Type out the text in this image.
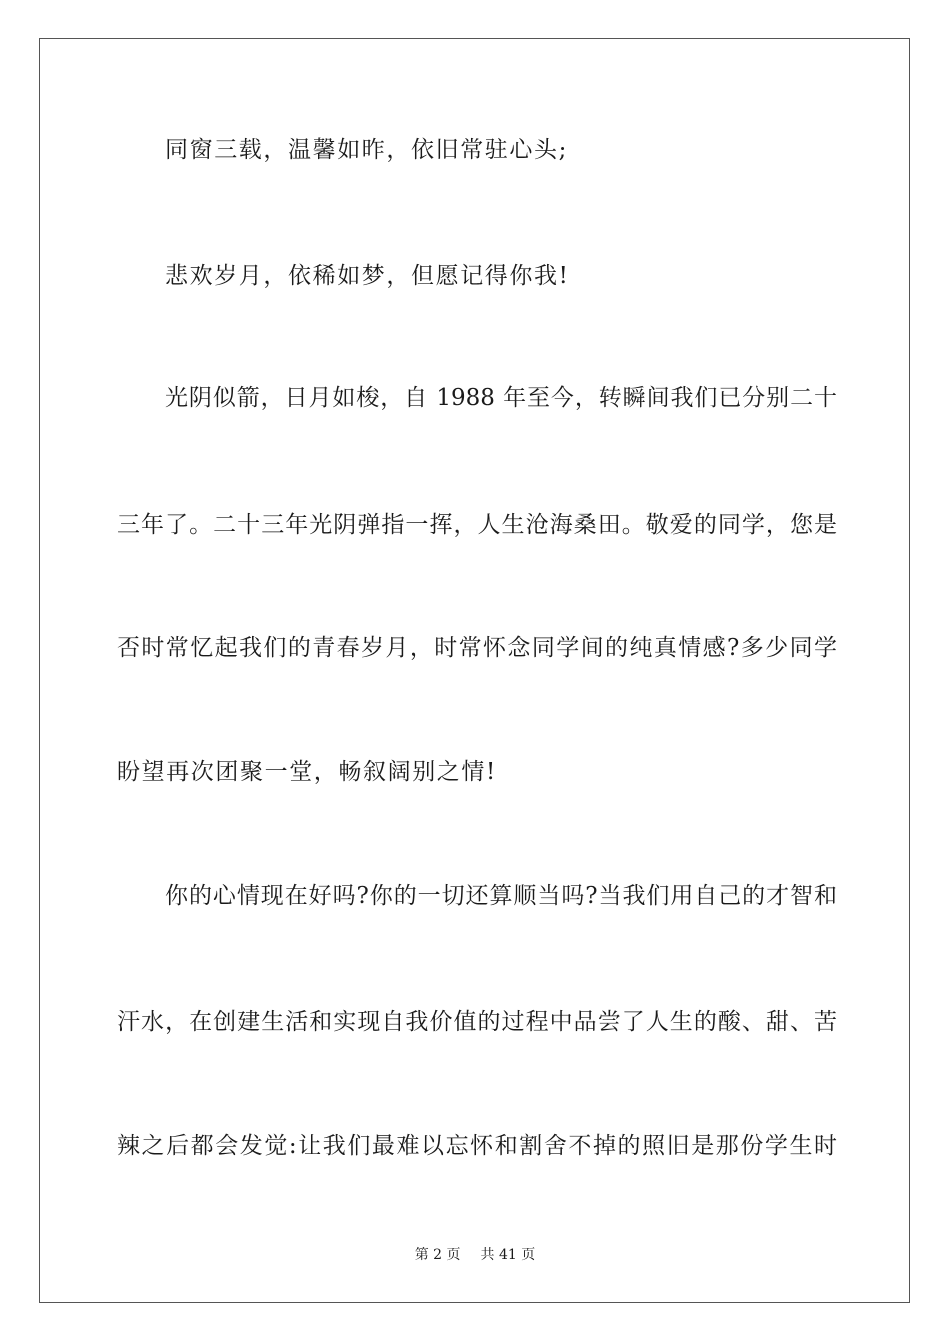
同窗三载，温馨如昨，依旧常驻心头;
悲欢岁月，依稀如梦，但愿记得你我!
光阴似箭，日月如梭，自 1988 年至今，转瞬间我们已分别二十
三年了。二十三年光阴弹指一挥，人生沧海桑田。敬爱的同学，您是
否时常忆起我们的青春岁月，时常怀念同学间的纯真情感?多少同学
盼望再次团聚一堂，畅叙阔别之情!
你的心情现在好吗?你的一切还算顺当吗?当我们用自己的才智和
汗水，在创建生活和实现自我价值的过程中品尝了人生的酸、甜、苦
辣之后都会发觉:让我们最难以忘怀和割舍不掉的照旧是那份学生时
第 2 页 共 41 页
